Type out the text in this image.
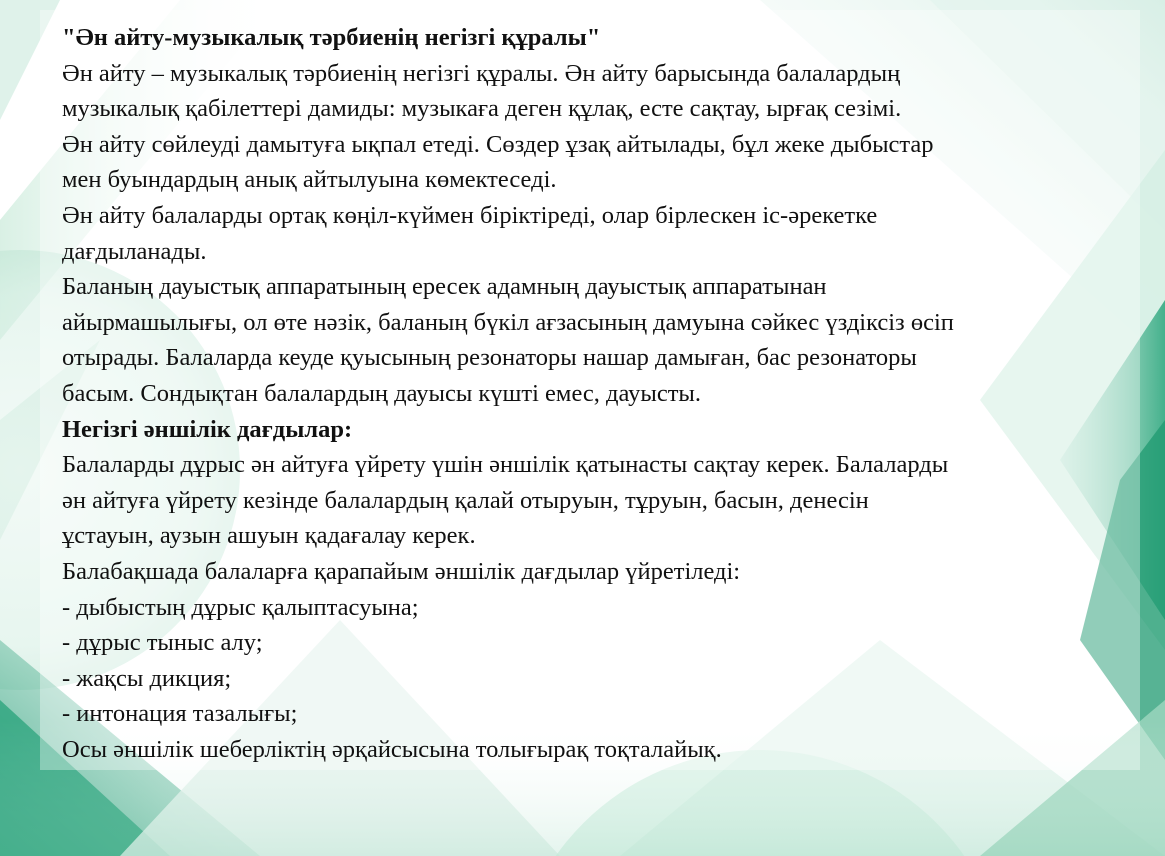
"Ән айту-музыкалық тәрбиенің негізгі құралы"
Ән айту – музыкалық тәрбиенің негізгі құралы. Ән айту барысында балалардың
музыкалық қабілеттері дамиды: музыкаға деген құлақ, есте сақтау, ырғақ сезімі.
Ән айту сөйлеуді дамытуға ықпал етеді. Сөздер ұзақ айтылады, бұл жеке дыбыстар
мен буындардың анық айтылуына көмектеседі.
Ән айту балаларды ортақ көңіл-күймен біріктіреді, олар бірлескен іс-әрекетке
дағдыланады.
Баланың дауыстық аппаратының ересек адамның дауыстық аппаратынан
айырмашылығы, ол өте нәзік, баланың бүкіл ағзасының дамуына сәйкес үздіксіз өсіп
отырады. Балаларда кеуде қуысының резонаторы нашар дамыған, бас резонаторы
басым. Сондықтан балалардың дауысы күшті емес, дауысты.
Негізгі әншілік дағдылар:
Балаларды дұрыс ән айтуға үйрету үшін әншілік қатынасты сақтау керек. Балаларды
ән айтуға үйрету кезінде балалардың қалай отыруын, тұруын, басын, денесін
ұстауын, аузын ашуын қадағалау керек.
Балабақшада балаларға қарапайым әншілік дағдылар үйретіледі:
- дыбыстың дұрыс қалыптасуына;
- дұрыс тыныс алу;
- жақсы дикция;
- интонация тазалығы;
Осы әншілік шеберліктің әрқайсысына толығырақ тоқталайық.
